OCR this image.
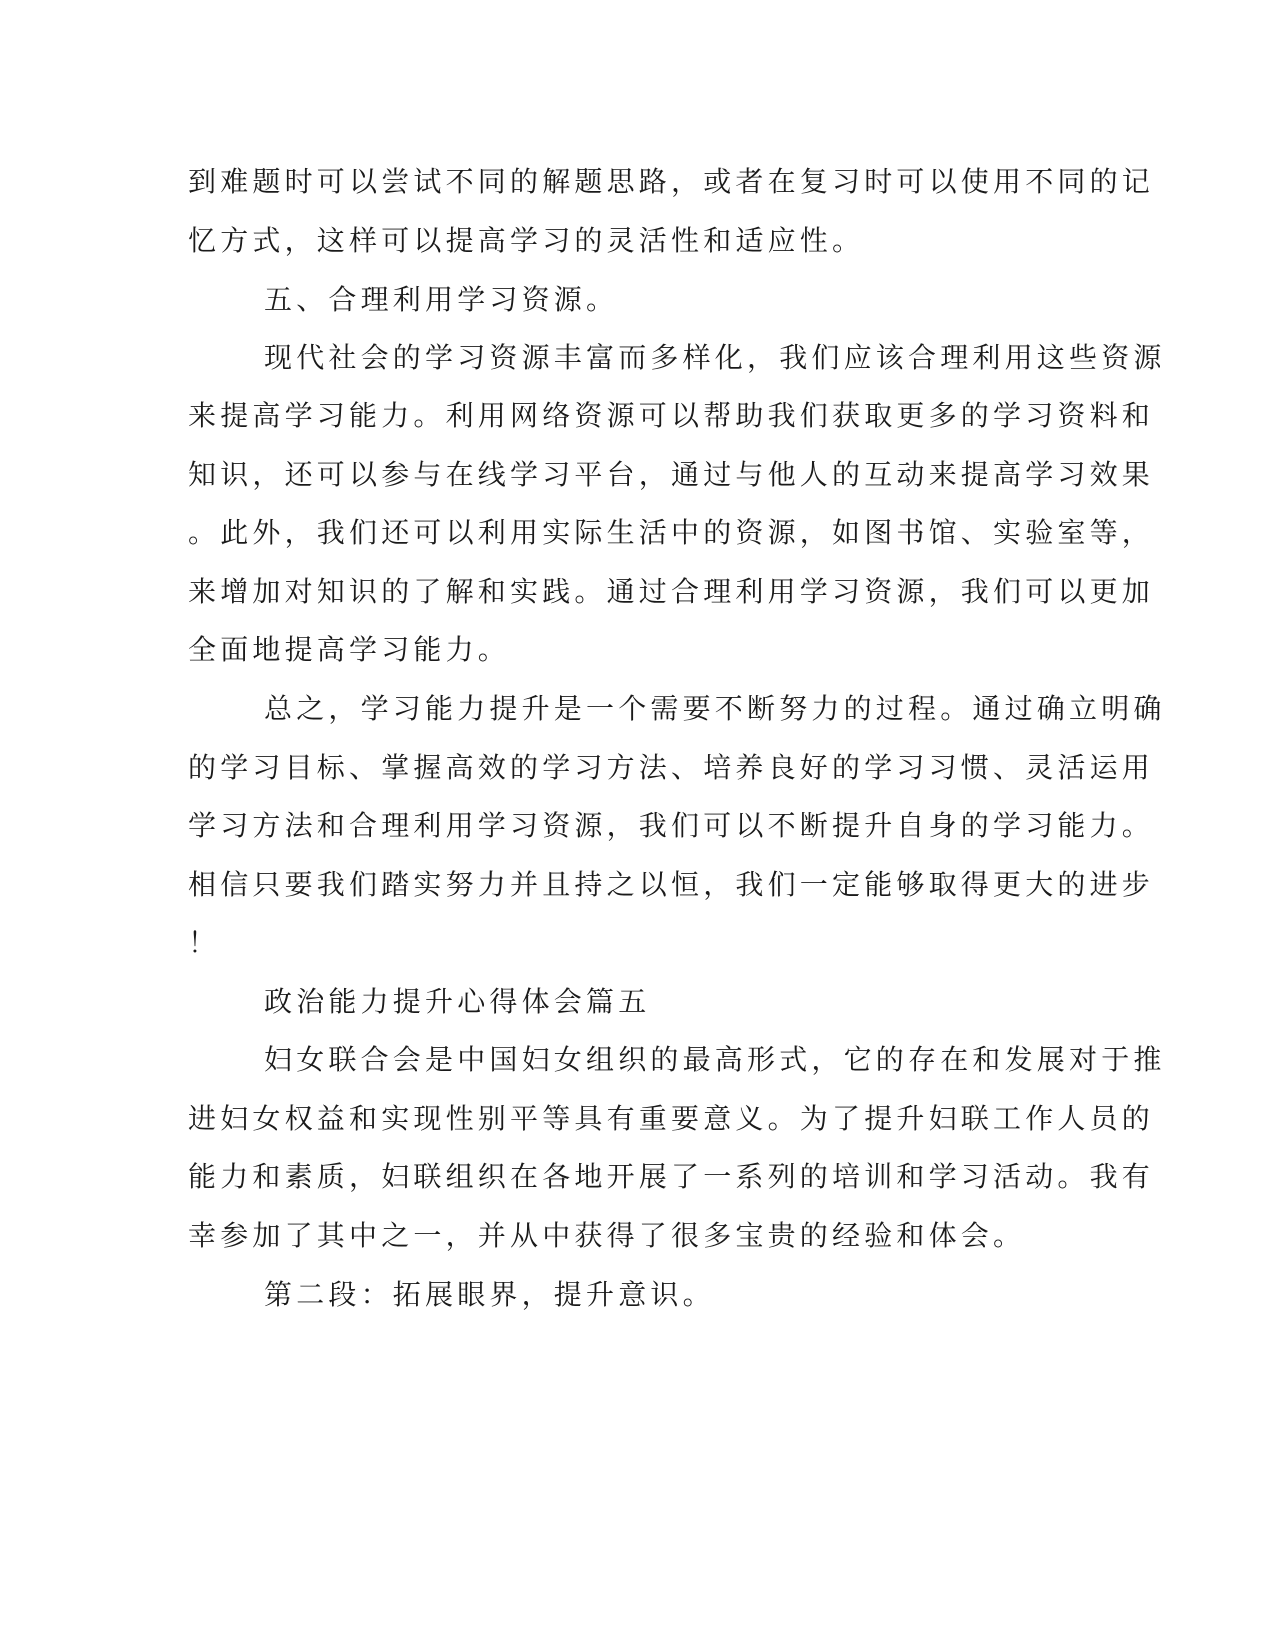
到难题时可以尝试不同的解题思路，或者在复习时可以使用不同的记

忆方式，这样可以提高学习的灵活性和适应性。

五、合理利用学习资源。

现代社会的学习资源丰富而多样化，我们应该合理利用这些资源

来提高学习能力。利用网络资源可以帮助我们获取更多的学习资料和

知识，还可以参与在线学习平台，通过与他人的互动来提高学习效果

。此外，我们还可以利用实际生活中的资源，如图书馆、实验室等，

来增加对知识的了解和实践。通过合理利用学习资源，我们可以更加

全面地提高学习能力。

总之，学习能力提升是一个需要不断努力的过程。通过确立明确

的学习目标、掌握高效的学习方法、培养良好的学习习惯、灵活运用

学习方法和合理利用学习资源，我们可以不断提升自身的学习能力。

相信只要我们踏实努力并且持之以恒，我们一定能够取得更大的进步

！

政治能力提升心得体会篇五

妇女联合会是中国妇女组织的最高形式，它的存在和发展对于推

进妇女权益和实现性别平等具有重要意义。为了提升妇联工作人员的

能力和素质，妇联组织在各地开展了一系列的培训和学习活动。我有

幸参加了其中之一，并从中获得了很多宝贵的经验和体会。

第二段：拓展眼界，提升意识。
